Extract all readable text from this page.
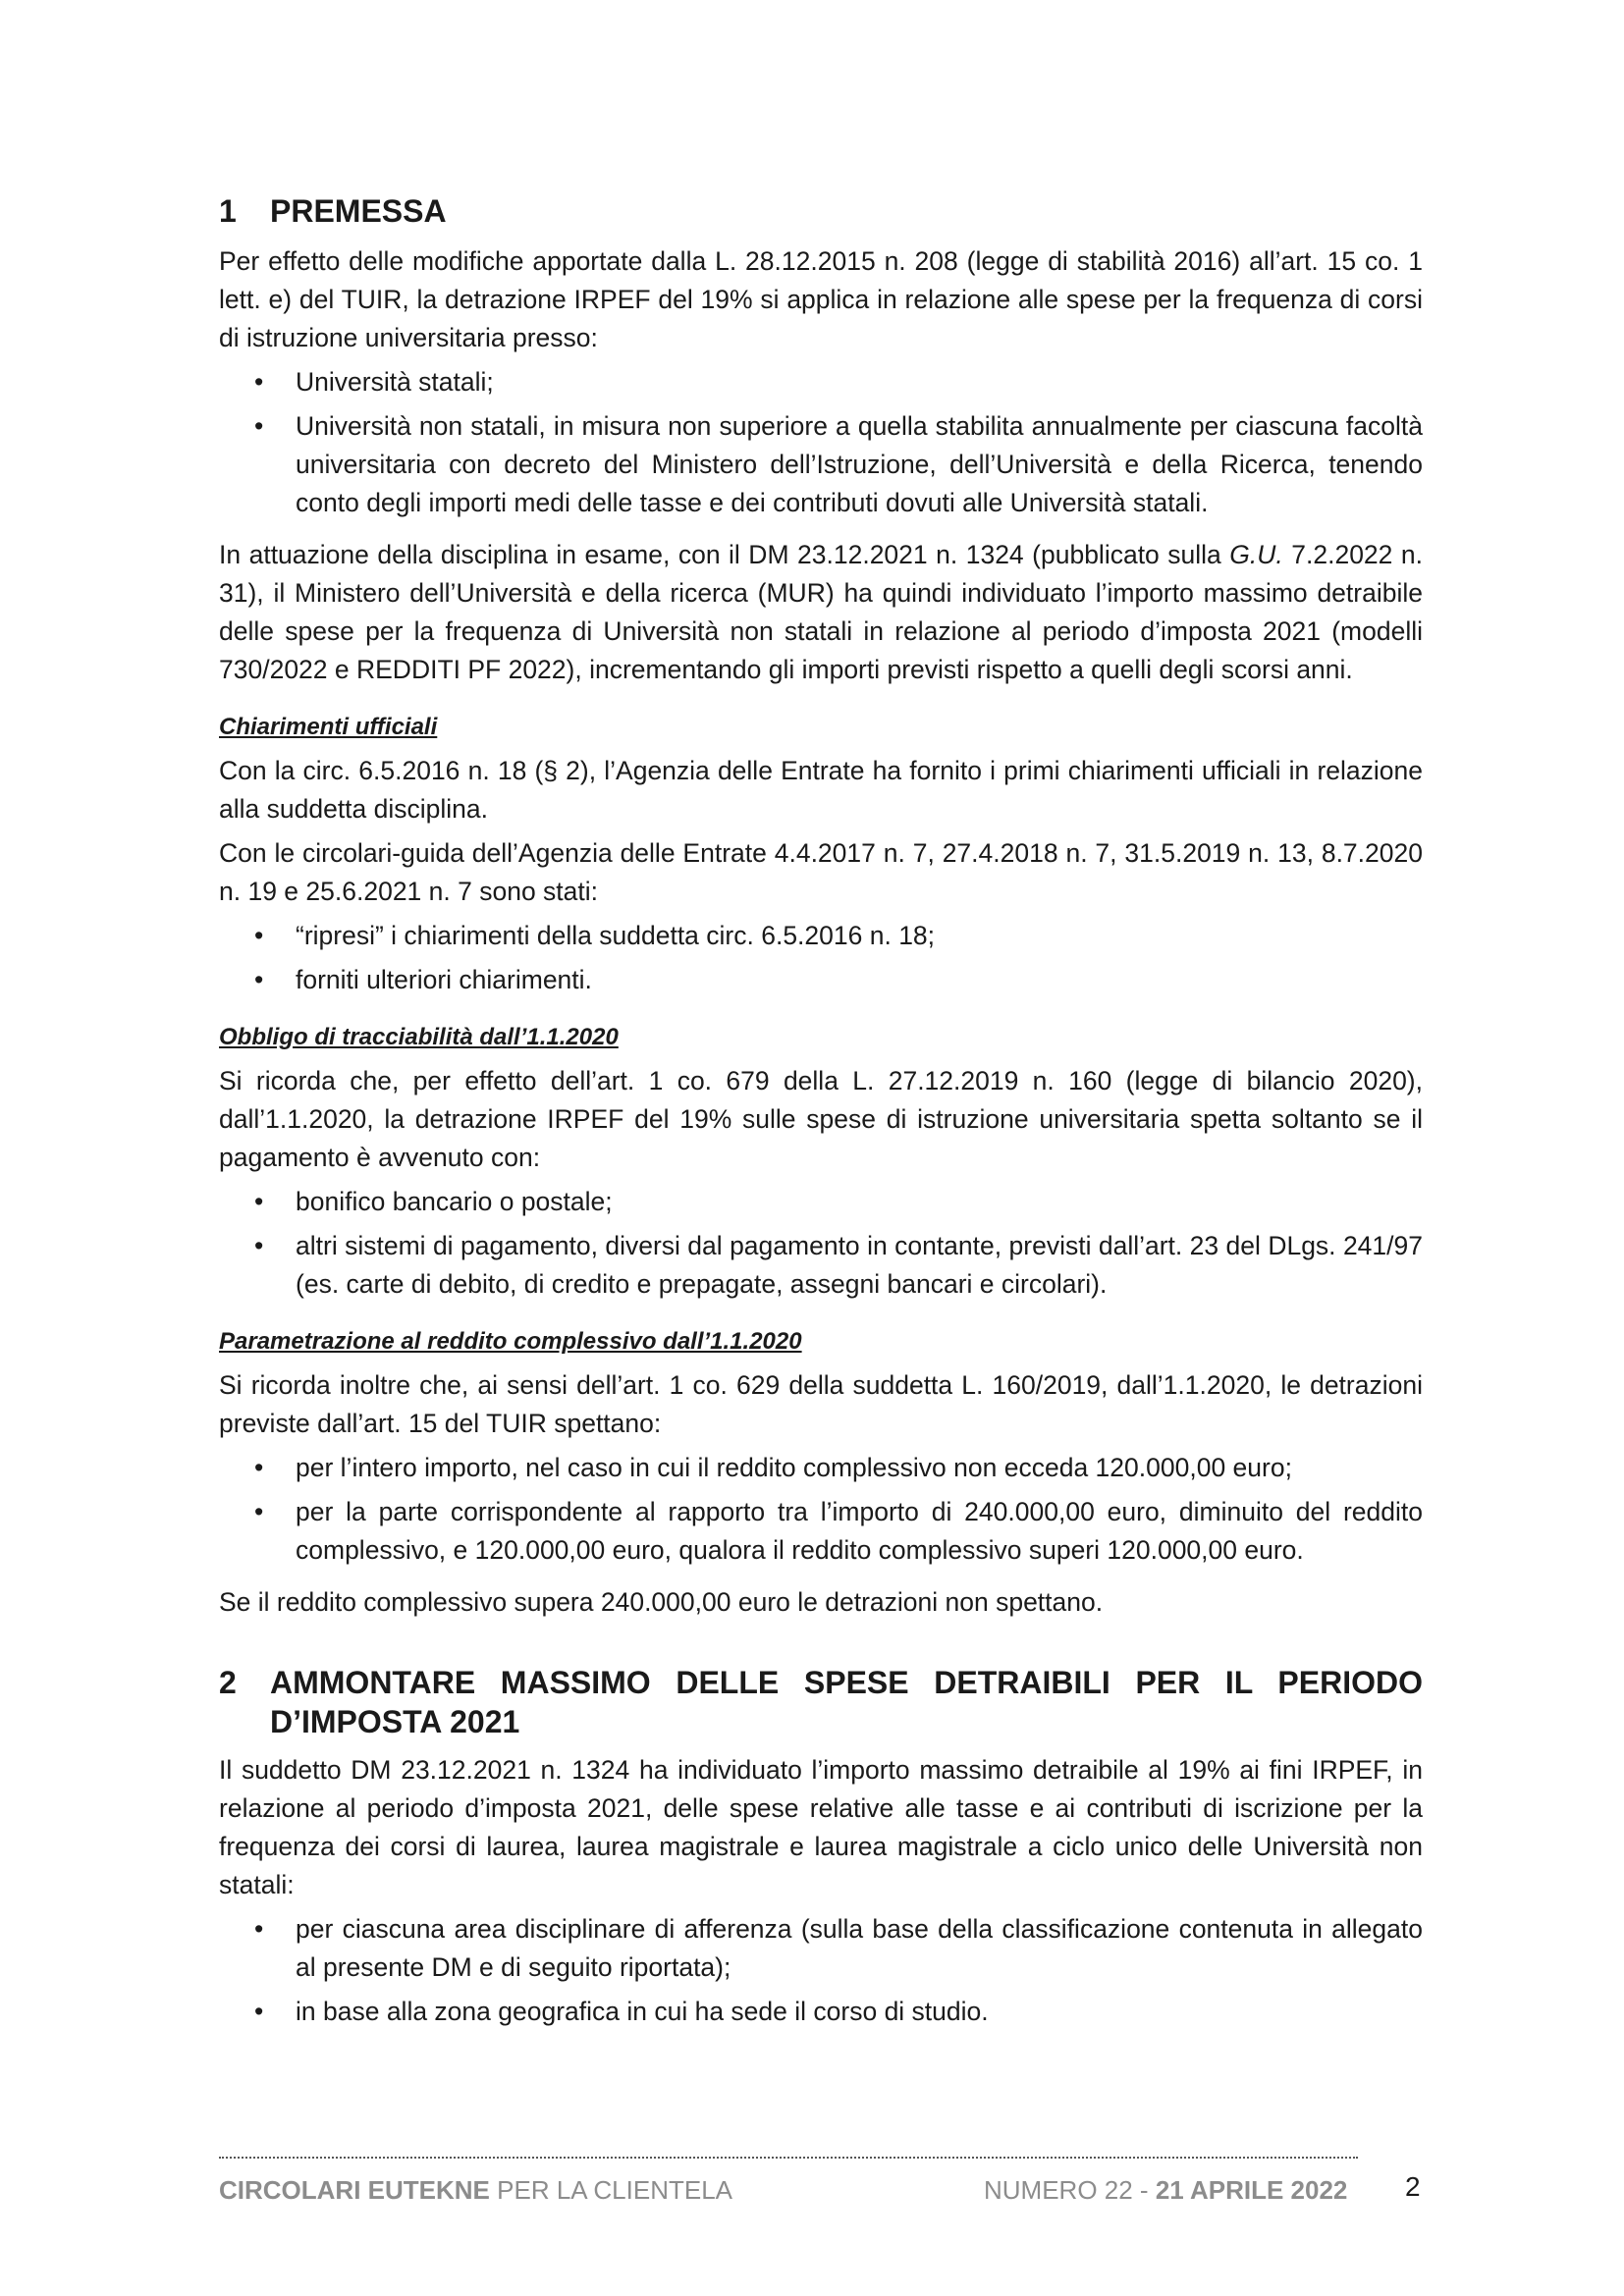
1	PREMESSA

Per effetto delle modifiche apportate dalla L. 28.12.2015 n. 208 (legge di stabilità 2016) all’art. 15 co. 1 lett. e) del TUIR, la detrazione IRPEF del 19% si applica in relazione alle spese per la frequenza di corsi di istruzione universitaria presso:

• Università statali;
• Università non statali, in misura non superiore a quella stabilita annualmente per ciascuna facoltà universitaria con decreto del Ministero dell’Istruzione, dell’Università e della Ricerca, tenendo conto degli importi medi delle tasse e dei contributi dovuti alle Università statali.

In attuazione della disciplina in esame, con il DM 23.12.2021 n. 1324 (pubblicato sulla G.U. 7.2.2022 n. 31), il Ministero dell’Università e della ricerca (MUR) ha quindi individuato l’importo massimo detraibile delle spese per la frequenza di Università non statali in relazione al periodo d’imposta 2021 (modelli 730/2022 e REDDITI PF 2022), incrementando gli importi previsti rispetto a quelli degli scorsi anni.

Chiarimenti ufficiali

Con la circ. 6.5.2016 n. 18 (§ 2), l’Agenzia delle Entrate ha fornito i primi chiarimenti ufficiali in relazione alla suddetta disciplina.

Con le circolari-guida dell’Agenzia delle Entrate 4.4.2017 n. 7, 27.4.2018 n. 7, 31.5.2019 n. 13, 8.7.2020 n. 19 e 25.6.2021 n. 7 sono stati:

• “ripresi” i chiarimenti della suddetta circ. 6.5.2016 n. 18;
• forniti ulteriori chiarimenti.

Obbligo di tracciabilità dall’1.1.2020

Si ricorda che, per effetto dell’art. 1 co. 679 della L. 27.12.2019 n. 160 (legge di bilancio 2020), dall’1.1.2020, la detrazione IRPEF del 19% sulle spese di istruzione universitaria spetta soltanto se il pagamento è avvenuto con:

• bonifico bancario o postale;
• altri sistemi di pagamento, diversi dal pagamento in contante, previsti dall’art. 23 del DLgs. 241/97 (es. carte di debito, di credito e prepagate, assegni bancari e circolari).

Parametrazione al reddito complessivo dall’1.1.2020

Si ricorda inoltre che, ai sensi dell’art. 1 co. 629 della suddetta L. 160/2019, dall’1.1.2020, le detrazioni previste dall’art. 15 del TUIR spettano:

• per l’intero importo, nel caso in cui il reddito complessivo non ecceda 120.000,00 euro;
• per la parte corrispondente al rapporto tra l’importo di 240.000,00 euro, diminuito del reddito complessivo, e 120.000,00 euro, qualora il reddito complessivo superi 120.000,00 euro.

Se il reddito complessivo supera 240.000,00 euro le detrazioni non spettano.

2	AMMONTARE MASSIMO DELLE SPESE DETRAIBILI PER IL PERIODO D’IMPOSTA 2021

Il suddetto DM 23.12.2021 n. 1324 ha individuato l’importo massimo detraibile al 19% ai fini IRPEF, in relazione al periodo d’imposta 2021, delle spese relative alle tasse e ai contributi di iscrizione per la frequenza dei corsi di laurea, laurea magistrale e laurea magistrale a ciclo unico delle Università non statali:

• per ciascuna area disciplinare di afferenza (sulla base della classificazione contenuta in allegato al presente DM e di seguito riportata);
• in base alla zona geografica in cui ha sede il corso di studio.
CIRCOLARI EUTEKNE PER LA CLIENTELA	NUMERO 22 - 21 APRILE 2022 2
